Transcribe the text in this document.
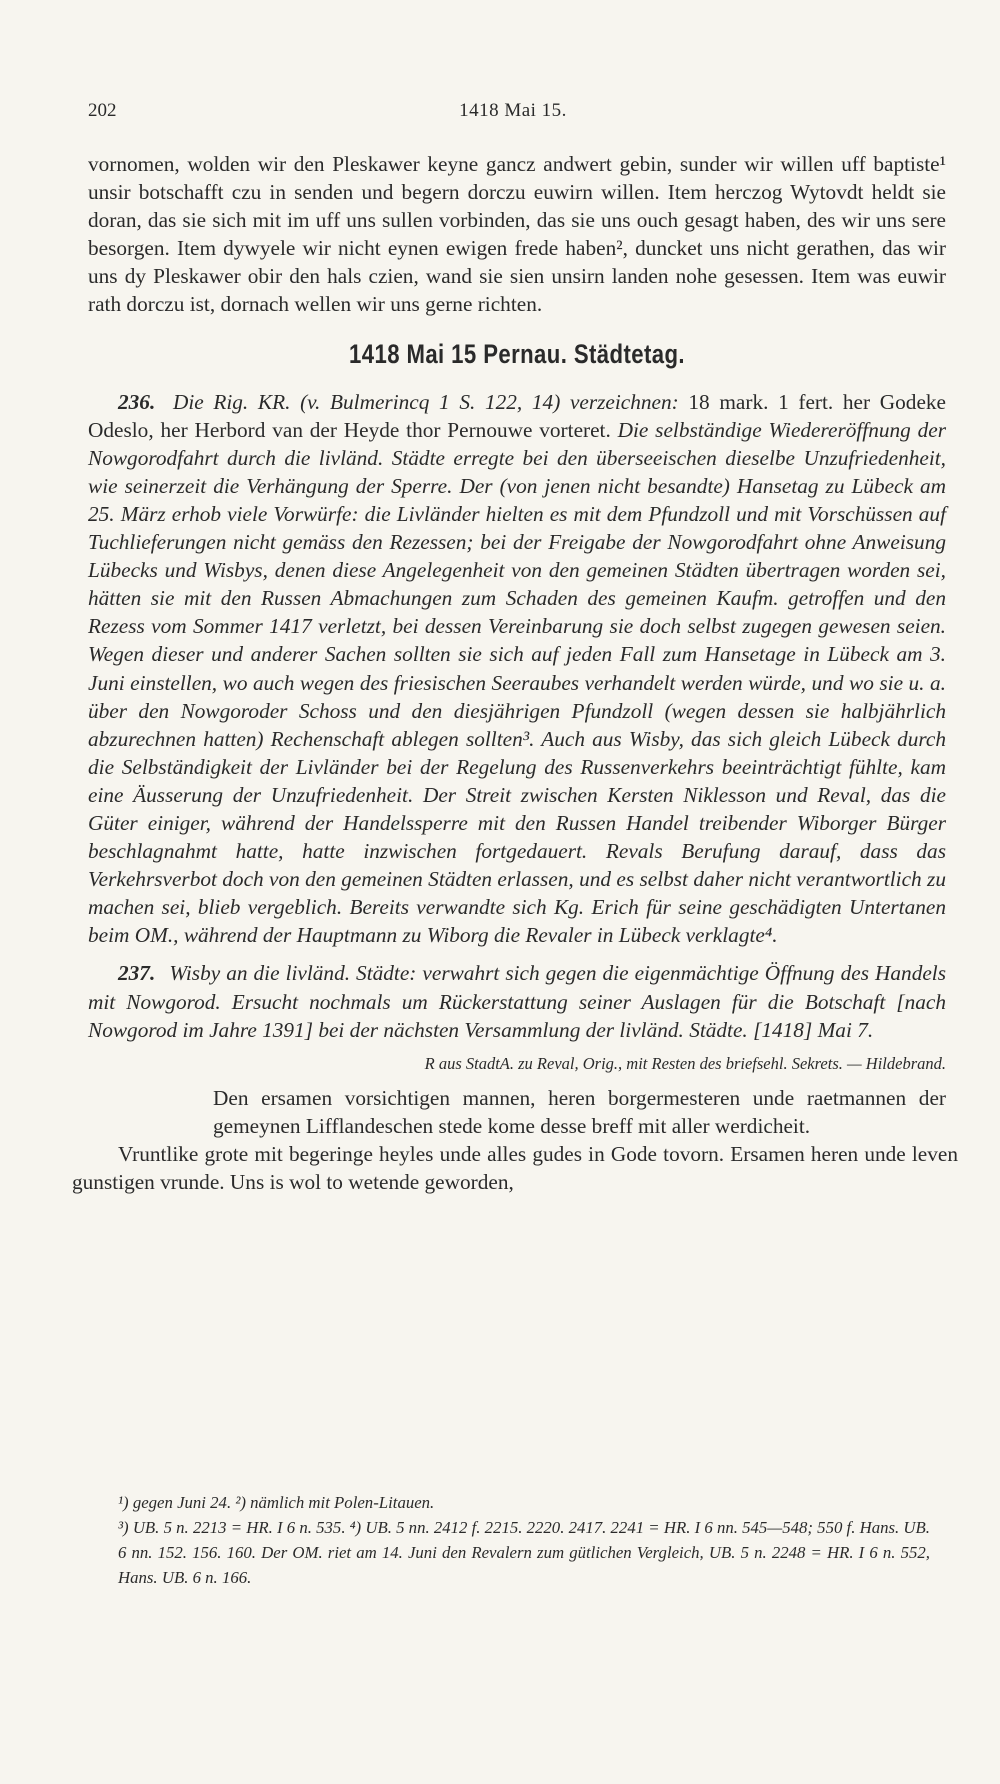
202	1418 Mai 15.

vornomen, wolden wir den Pleskawer keyne gancz andwert gebin, sunder wir willen uff baptiste¹ unsir botschafft czu in senden und begern dorczu euwirn willen. Item herczog Wytovdt heldt sie doran, das sie sich mit im uff uns sullen vorbinden, das sie uns ouch gesagt haben, des wir uns sere besorgen. Item dywyele wir nicht eynen ewigen frede haben², duncket uns nicht gerathen, das wir uns dy Pleskawer obir den hals czien, wand sie sien unsirn landen nohe gesessen. Item was euwir rath dorczu ist, dornach wellen wir uns gerne richten.

1418 Mai 15 Pernau. Städtetag.

236. Die Rig. KR. (v. Bulmerincq 1 S. 122, 14) verzeichnen: 18 mark. 1 fert. her Godeke Odeslo, her Herbord van der Heyde thor Pernouwe vorteret. Die selbständige Wiedereröffnung der Nowgorodfahrt durch die livländ. Städte erregte bei den überseeischen dieselbe Unzufriedenheit, wie seinerzeit die Verhängung der Sperre. Der (von jenen nicht besandte) Hansetag zu Lübeck am 25. März erhob viele Vorwürfe: die Livländer hielten es mit dem Pfundzoll und mit Vorschüssen auf Tuchlieferungen nicht gemäss den Rezessen; bei der Freigabe der Nowgorodfahrt ohne Anweisung Lübecks und Wisbys, denen diese Angelegenheit von den gemeinen Städten übertragen worden sei, hätten sie mit den Russen Abmachungen zum Schaden des gemeinen Kaufm. getroffen und den Rezess vom Sommer 1417 verletzt, bei dessen Vereinbarung sie doch selbst zugegen gewesen seien. Wegen dieser und anderer Sachen sollten sie sich auf jeden Fall zum Hansetage in Lübeck am 3. Juni einstellen, wo auch wegen des friesischen Seeraubes verhandelt werden würde, und wo sie u. a. über den Nowgoroder Schoss und den diesjährigen Pfundzoll (wegen dessen sie halbjährlich abzurechnen hatten) Rechenschaft ablegen sollten³. Auch aus Wisby, das sich gleich Lübeck durch die Selbständigkeit der Livländer bei der Regelung des Russenverkehrs beeinträchtigt fühlte, kam eine Äusserung der Unzufriedenheit. Der Streit zwischen Kersten Niklesson und Reval, das die Güter einiger, während der Handelssperre mit den Russen Handel treibender Wiborger Bürger beschlagnahmt hatte, hatte inzwischen fortgedauert. Revals Berufung darauf, dass das Verkehrsverbot doch von den gemeinen Städten erlassen, und es selbst daher nicht verantwortlich zu machen sei, blieb vergeblich. Bereits verwandte sich Kg. Erich für seine geschädigten Untertanen beim OM., während der Hauptmann zu Wiborg die Revaler in Lübeck verklagte⁴.

237. Wisby an die livländ. Städte: verwahrt sich gegen die eigenmächtige Öffnung des Handels mit Nowgorod. Ersucht nochmals um Rückerstattung seiner Auslagen für die Botschaft [nach Nowgorod im Jahre 1391] bei der nächsten Versammlung der livländ. Städte. [1418] Mai 7.

R aus StadtA. zu Reval, Orig., mit Resten des briefsehl. Sekrets. — Hildebrand.

Den ersamen vorsichtigen mannen, heren borgermesteren unde raetmannen der gemeynen Lifflandeschen stede kome desse breff mit aller werdicheit.

Vruntlike grote mit begeringe heyles unde alles gudes in Gode tovorn. Ersamen heren unde leven gunstigen vrunde. Uns is wol to wetende geworden,

¹) gegen Juni 24. ²) nämlich mit Polen-Litauen.

³) UB. 5 n. 2213 = HR. I 6 n. 535. ⁴) UB. 5 nn. 2412 f. 2215. 2220. 2417. 2241 = HR. I 6 nn. 545—548; 550 f. Hans. UB. 6 nn. 152. 156. 160. Der OM. riet am 14. Juni den Revalern zum gütlichen Vergleich, UB. 5 n. 2248 = HR. I 6 n. 552, Hans. UB. 6 n. 166.
